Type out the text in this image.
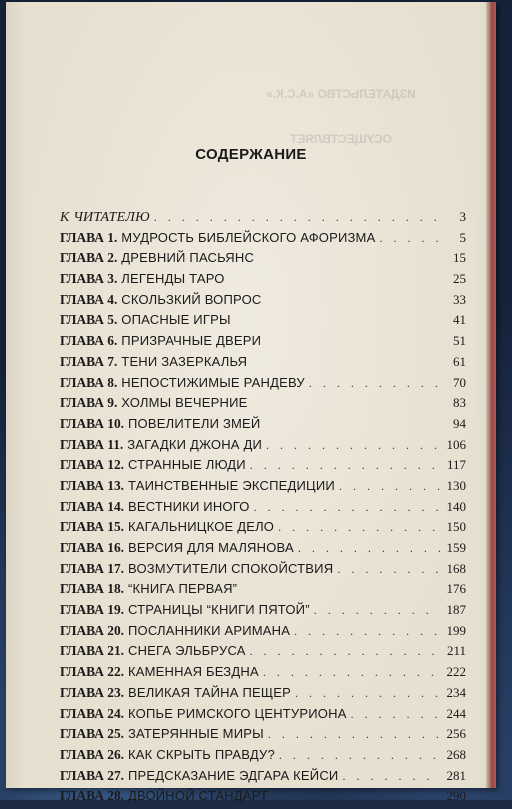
ИЗДАТЕЛЬСТВО «А.С.К.»
ОСУЩЕСТВЛЯЕТ
СОДЕРЖАНИЕ
К ЧИТАТЕЛЮ . . .	3
ГЛАВА 1. МУДРОСТЬ БИБЛЕЙСКОГО АФОРИЗМА . . .	5
ГЛАВА 2. ДРЕВНИЙ ПАСЬЯНС	15
ГЛАВА 3. ЛЕГЕНДЫ ТАРО	25
ГЛАВА 4. СКОЛЬЗКИЙ ВОПРОС	33
ГЛАВА 5. ОПАСНЫЕ ИГРЫ	41
ГЛАВА 6. ПРИЗРАЧНЫЕ ДВЕРИ	51
ГЛАВА 7. ТЕНИ ЗАЗЕРКАЛЬЯ	61
ГЛАВА 8. НЕПОСТИЖИМЫЕ РАНДЕВУ . . .	70
ГЛАВА 9. ХОЛМЫ ВЕЧЕРНИЕ	83
ГЛАВА 10. ПОВЕЛИТЕЛИ ЗМЕЙ	94
ГЛАВА 11. ЗАГАДКИ ДЖОНА ДИ . . .	106
ГЛАВА 12. СТРАННЫЕ ЛЮДИ . . .	117
ГЛАВА 13. ТАИНСТВЕННЫЕ ЭКСПЕДИЦИИ . . .	130
ГЛАВА 14. ВЕСТНИКИ ИНОГО . . .	140
ГЛАВА 15. КАГАЛЬНИЦКОЕ ДЕЛО . . .	150
ГЛАВА 16. ВЕРСИЯ ДЛЯ МАЛЯНОВА . . .	159
ГЛАВА 17. ВОЗМУТИТЕЛИ СПОКОЙСТВИЯ . . .	168
ГЛАВА 18. “КНИГА ПЕРВАЯ”	176
ГЛАВА 19. СТРАНИЦЫ “КНИГИ ПЯТОЙ” . . .	187
ГЛАВА 20. ПОСЛАННИКИ АРИМАНА . . .	199
ГЛАВА 21. СНЕГА ЭЛЬБРУСА . . .	211
ГЛАВА 22. КАМЕННАЯ БЕЗДНА . . .	222
ГЛАВА 23. ВЕЛИКАЯ ТАЙНА ПЕЩЕР . . .	234
ГЛАВА 24. КОПЬЕ РИМСКОГО ЦЕНТУРИОНА . . .	244
ГЛАВА 25. ЗАТЕРЯННЫЕ МИРЫ . . .	256
ГЛАВА 26. КАК СКРЫТЬ ПРАВДУ? . . .	268
ГЛАВА 27. ПРЕДСКАЗАНИЕ ЭДГАРА КЕЙСИ . . .	281
ГЛАВА 28. ДВОЙНОЙ СТАНДАРТ . . .	290
